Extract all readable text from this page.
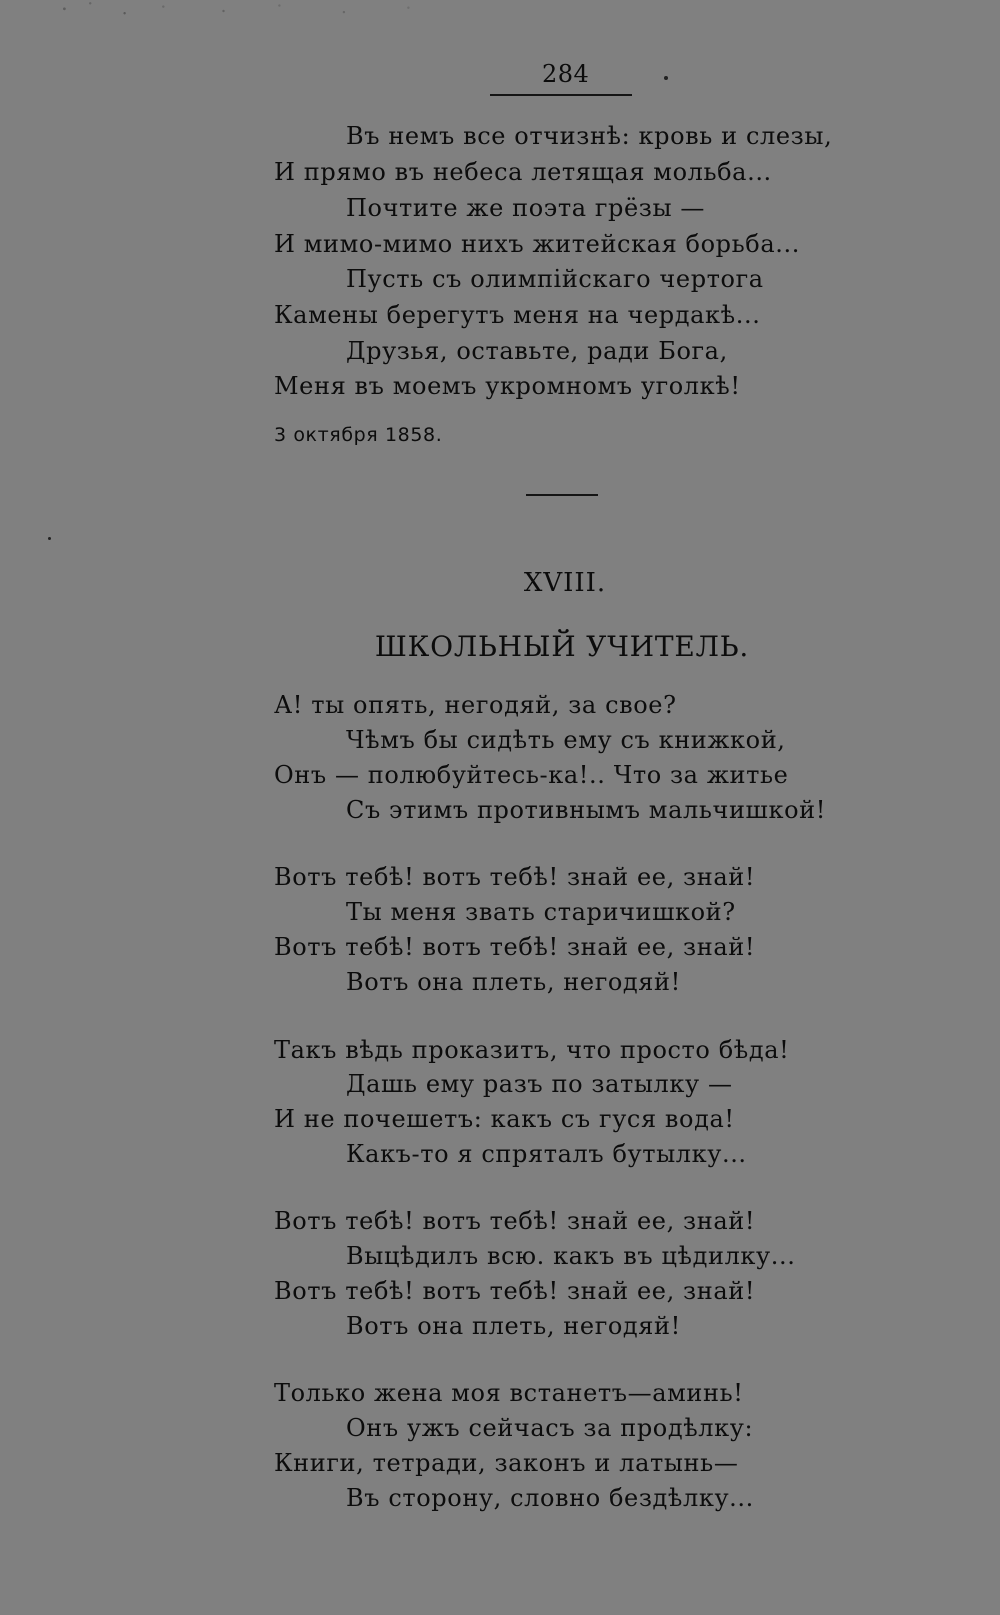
284
Въ немъ все отчизнѣ: кровь и слезы,
И прямо въ небеса летящая мольба...
Почтите же поэта грёзы —
И мимо-мимо нихъ житейская борьба...
Пусть съ олимпійскаго чертога
Камены берегутъ меня на чердакѣ...
Друзья, оставьте, ради Бога,
Меня въ моемъ укромномъ уголкѣ!
3 октября 1858.
XVIII.
ШКОЛЬНЫЙ УЧИТЕЛЬ.
А! ты опять, негодяй, за свое?
Чѣмъ бы сидѣть ему съ книжкой,
Онъ — полюбуйтесь-ка!.. Что за житье
Съ этимъ противнымъ мальчишкой!
Вотъ тебѣ! вотъ тебѣ! знай ее, знай!
Ты меня звать старичишкой?
Вотъ тебѣ! вотъ тебѣ! знай ее, знай!
Вотъ она плеть, негодяй!
Такъ вѣдь проказитъ, что просто бѣда!
Дашь ему разъ по затылку —
И не почешетъ: какъ съ гуся вода!
Какъ-то я спряталъ бутылку...
Вотъ тебѣ! вотъ тебѣ! знай ее, знай!
Выцѣдилъ всю. какъ въ цѣдилку...
Вотъ тебѣ! вотъ тебѣ! знай ее, знай!
Вотъ она плеть, негодяй!
Только жена моя встанетъ—аминь!
Онъ ужъ сейчасъ за продѣлку:
Книги, тетради, законъ и латынь—
Въ сторону, словно бездѣлку...
